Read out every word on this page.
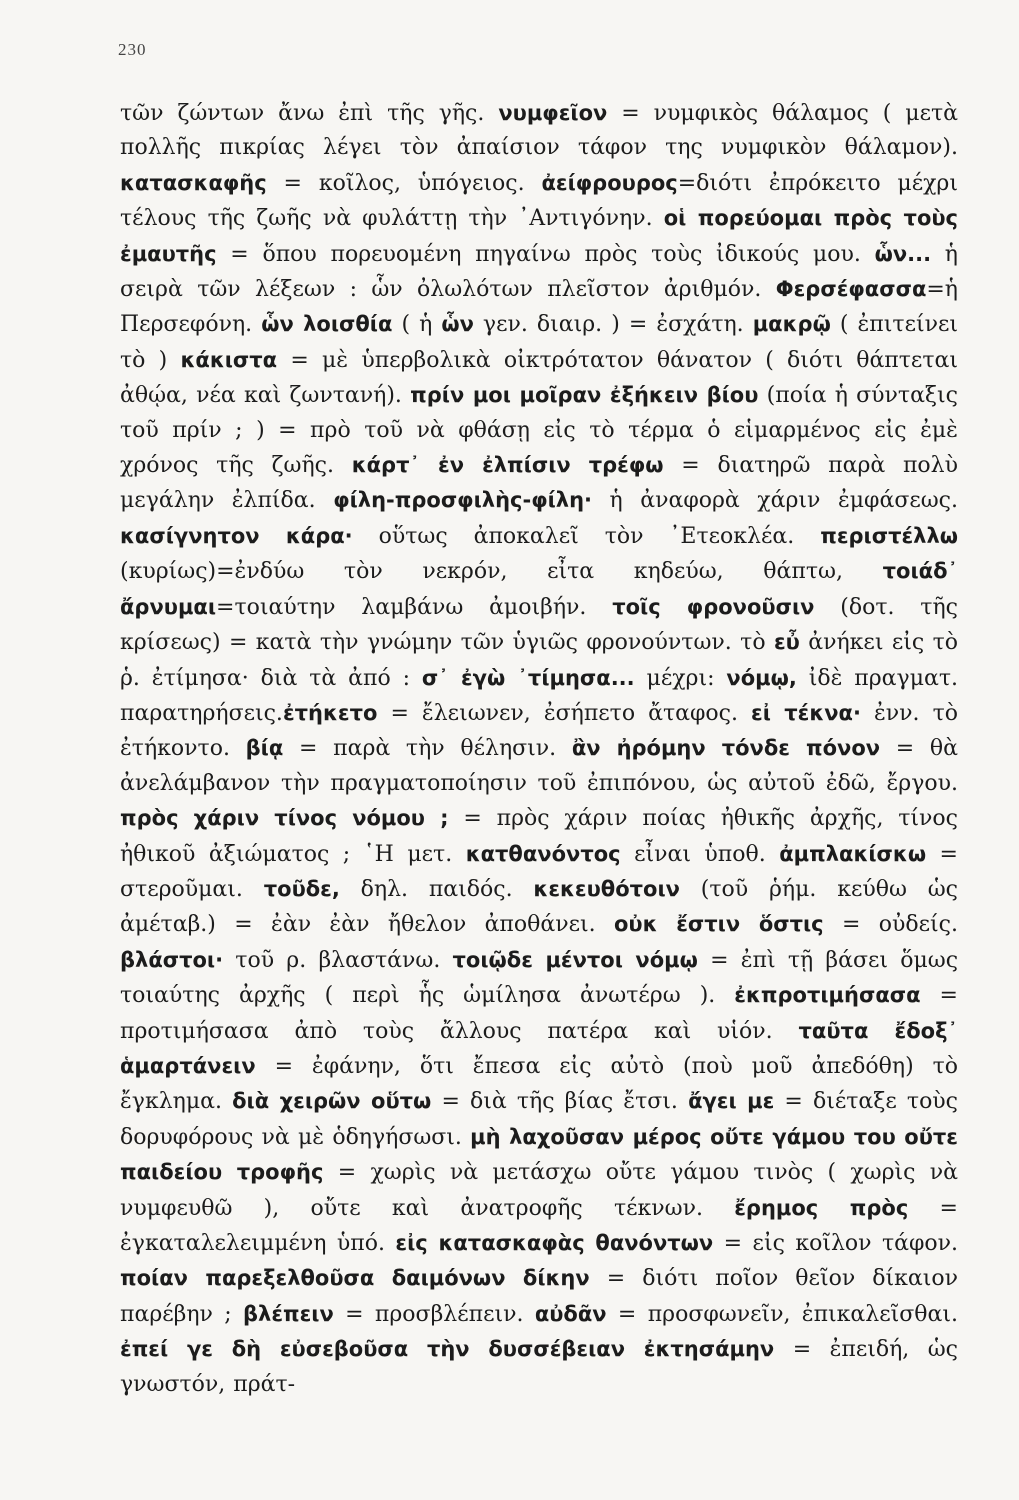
230
τῶν ζώντων ἄνω ἐπὶ τῆς γῆς. νυμφεῖον = νυμφικὸς θάλαμος ( μετὰ πολλῆς πικρίας λέγει τὸν ἀπαίσιον τάφον της νυμφικὸν θάλαμον). κατασκαφῆς = κοῖλος, ὑπόγειος. ἀείφρουρος=διότι ἐπρόκειτο μέχρι τέλους τῆς ζωῆς νὰ φυλάττῃ τὴν ᾿Αντιγόνην. οἱ πορεύομαι πρὸς τοὺς ἐμαυτῆς = ὅπου πορευομένη πηγαίνω πρὸς τοὺς ἰδικούς μου. ὧν... ἡ σειρὰ τῶν λέξεων : ὧν ὀλωλότων πλεῖστον ἀριθμόν. Φερσέφασσα=ἡ Περσεφόνη. ὧν λοισθία ( ἡ ὧν γεν. διαιρ. ) = ἐσχάτη. μακρῷ ( ἐπιτείνει τὸ ) κάκιστα = μὲ ὑπερβολικὰ οἰκτρότατον θάνατον ( διότι θάπτεται ἀθῴα, νέα καὶ ζωντανή). πρίν μοι μοῖραν ἐξήκειν βίου (ποία ἡ σύνταξις τοῦ πρίν ; ) = πρὸ τοῦ νὰ φθάσῃ εἰς τὸ τέρμα ὁ εἱμαρμένος εἰς ἐμὲ χρόνος τῆς ζωῆς. κάρτ᾿ ἐν ἐλπίσιν τρέφω = διατηρῶ παρὰ πολὺ μεγάλην ἐλπίδα. φίλη-προσφιλὴς-φίλη· ἡ ἀναφορὰ χάριν ἐμφάσεως. κασίγνητον κάρα· οὕτως ἀποκαλεῖ τὸν ᾿Ετεοκλέα. περιστέλλω (κυρίως)=ἐνδύω τὸν νεκρόν, εἶτα κηδεύω, θάπτω, τοιάδ᾿ ἄρνυμαι=τοιαύτην λαμβάνω ἀμοιβήν. τοῖς φρονοῦσιν (δοτ. τῆς κρίσεως) = κατὰ τὴν γνώμην τῶν ὑγιῶς φρονούντων. τὸ εὖ ἀνήκει εἰς τὸ ῥ. ἐτίμησα· διὰ τὰ ἀπό : σ᾿ ἐγὼ ᾿τίμησα... μέχρι: νόμῳ, ἰδὲ πραγματ. παρατηρήσεις.ἐτήκετο = ἔλειωνεν, ἐσήπετο ἄταφος. εἰ τέκνα· ἐνν. τὸ ἐτήκοντο. βίᾳ = παρὰ τὴν θέλησιν. ἂν ἠρόμην τόνδε πόνον = θὰ ἀνελάμβανον τὴν πραγματοποίησιν τοῦ ἐπιπόνου, ὡς αὐτοῦ ἐδῶ, ἔργου. πρὸς χάριν τίνος νόμου ; = πρὸς χάριν ποίας ἠθικῆς ἀρχῆς, τίνος ἠθικοῦ ἀξιώματος ; ῾Η μετ. κατθανόντος εἶναι ὑποθ. ἀμπλακίσκω = στεροῦμαι. τοῦδε, δηλ. παιδός. κεκευθότοιν (τοῦ ῥήμ. κεύθω ὡς ἀμέταβ.) = ἐὰν ἐὰν ἤθελον ἀποθάνει. οὐκ ἔστιν ὅστις = οὐδείς. βλάστοι· τοῦ ρ. βλαστάνω. τοιῷδε μέντοι νόμῳ = ἐπὶ τῇ βάσει ὅμως τοιαύτης ἀρχῆς ( περὶ ἧς ὡμίλησα ἀνωτέρω ). ἐκπροτιμήσασα = προτιμήσασα ἀπὸ τοὺς ἄλλους πατέρα καὶ υἱόν. ταῦτα ἔδοξ᾿ ἁμαρτάνειν = ἐφάνην, ὅτι ἔπεσα εἰς αὐτὸ (ποὺ μοῦ ἀπεδόθη) τὸ ἔγκλημα. διὰ χειρῶν οὕτω = διὰ τῆς βίας ἔτσι. ἄγει με = διέταξε τοὺς δορυφόρους νὰ μὲ ὁδηγήσωσι. μὴ λαχοῦσαν μέρος οὔτε γάμου του οὔτε παιδείου τροφῆς = χωρὶς νὰ μετάσχω οὔτε γάμου τινὸς ( χωρὶς νὰ νυμφευθῶ ), οὔτε καὶ ἀνατροφῆς τέκνων. ἔρημος πρὸς = ἐγκαταλελειμμένη ὑπό. εἰς κατασκαφὰς θανόντων = εἰς κοῖλον τάφον. ποίαν παρεξελθοῦσα δαιμόνων δίκην = διότι ποῖον θεῖον δίκαιον παρέβην ; βλέπειν = προσβλέπειν. αὐδᾶν = προσφωνεῖν, ἐπικαλεῖσθαι. ἐπεί γε δὴ εὐσεβοῦσα τὴν δυσσέβειαν ἐκτησάμην = ἐπειδή, ὡς γνωστόν, πράτ-
